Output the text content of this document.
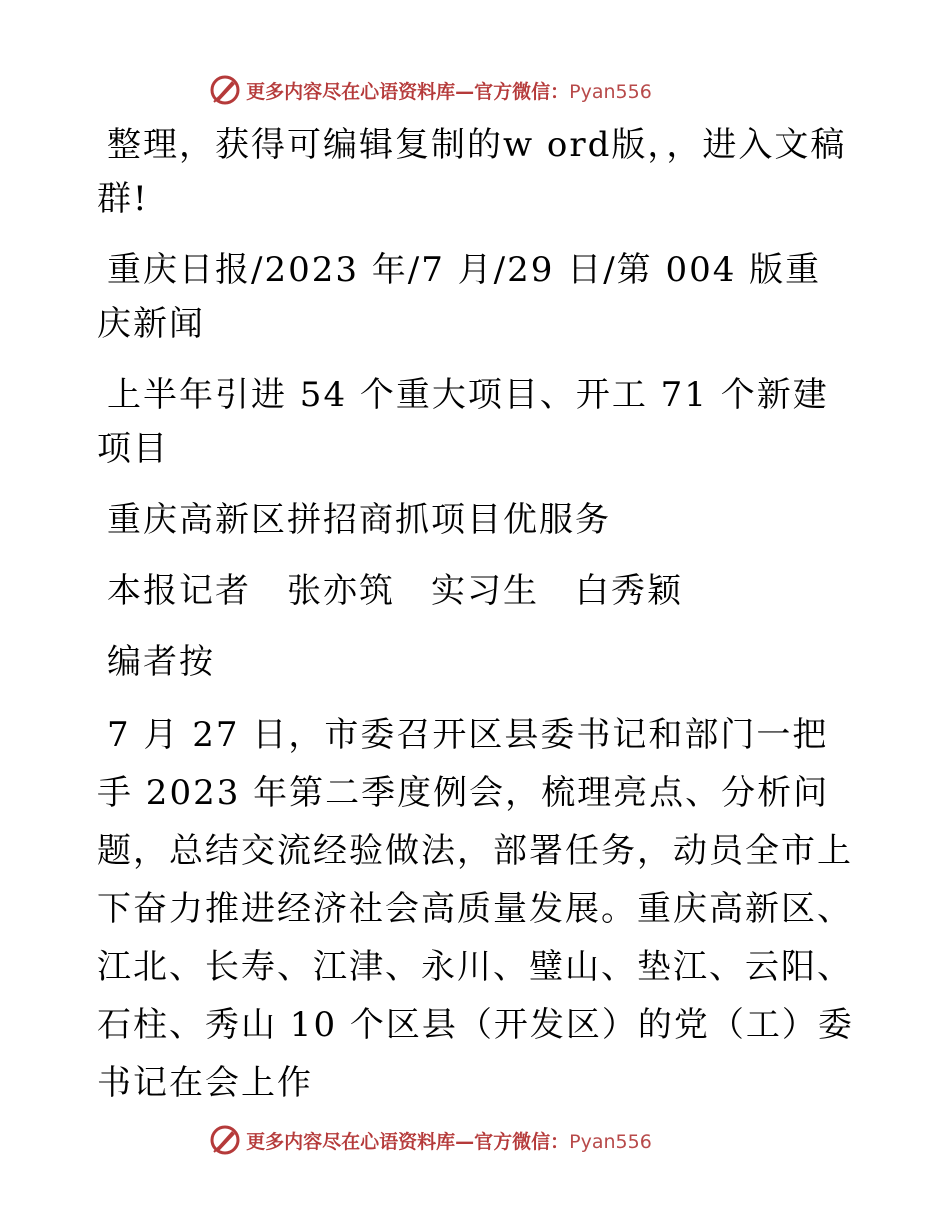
更多内容尽在心语资料库—官方微信：Pyan556

整理，获得可编辑复制的w ord版，，进入文稿群!

重庆日报/2023 年/7 月/29 日/第 004 版重庆新闻

上半年引进 54 个重大项目、开工 71 个新建项目

重庆高新区拼招商抓项目优服务

本报记者　张亦筑　实习生　白秀颖

编者按

7 月 27 日，市委召开区县委书记和部门一把手 2023 年第二季度例会，梳理亮点、分析问题，总结交流经验做法，部署任务，动员全市上下奋力推进经济社会高质量发展。重庆高新区、江北、长寿、江津、永川、璧山、垫江、云阳、石柱、秀山 10 个区县（开发区）的党（工）委书记在会上作

更多内容尽在心语资料库—官方微信：Pyan556
